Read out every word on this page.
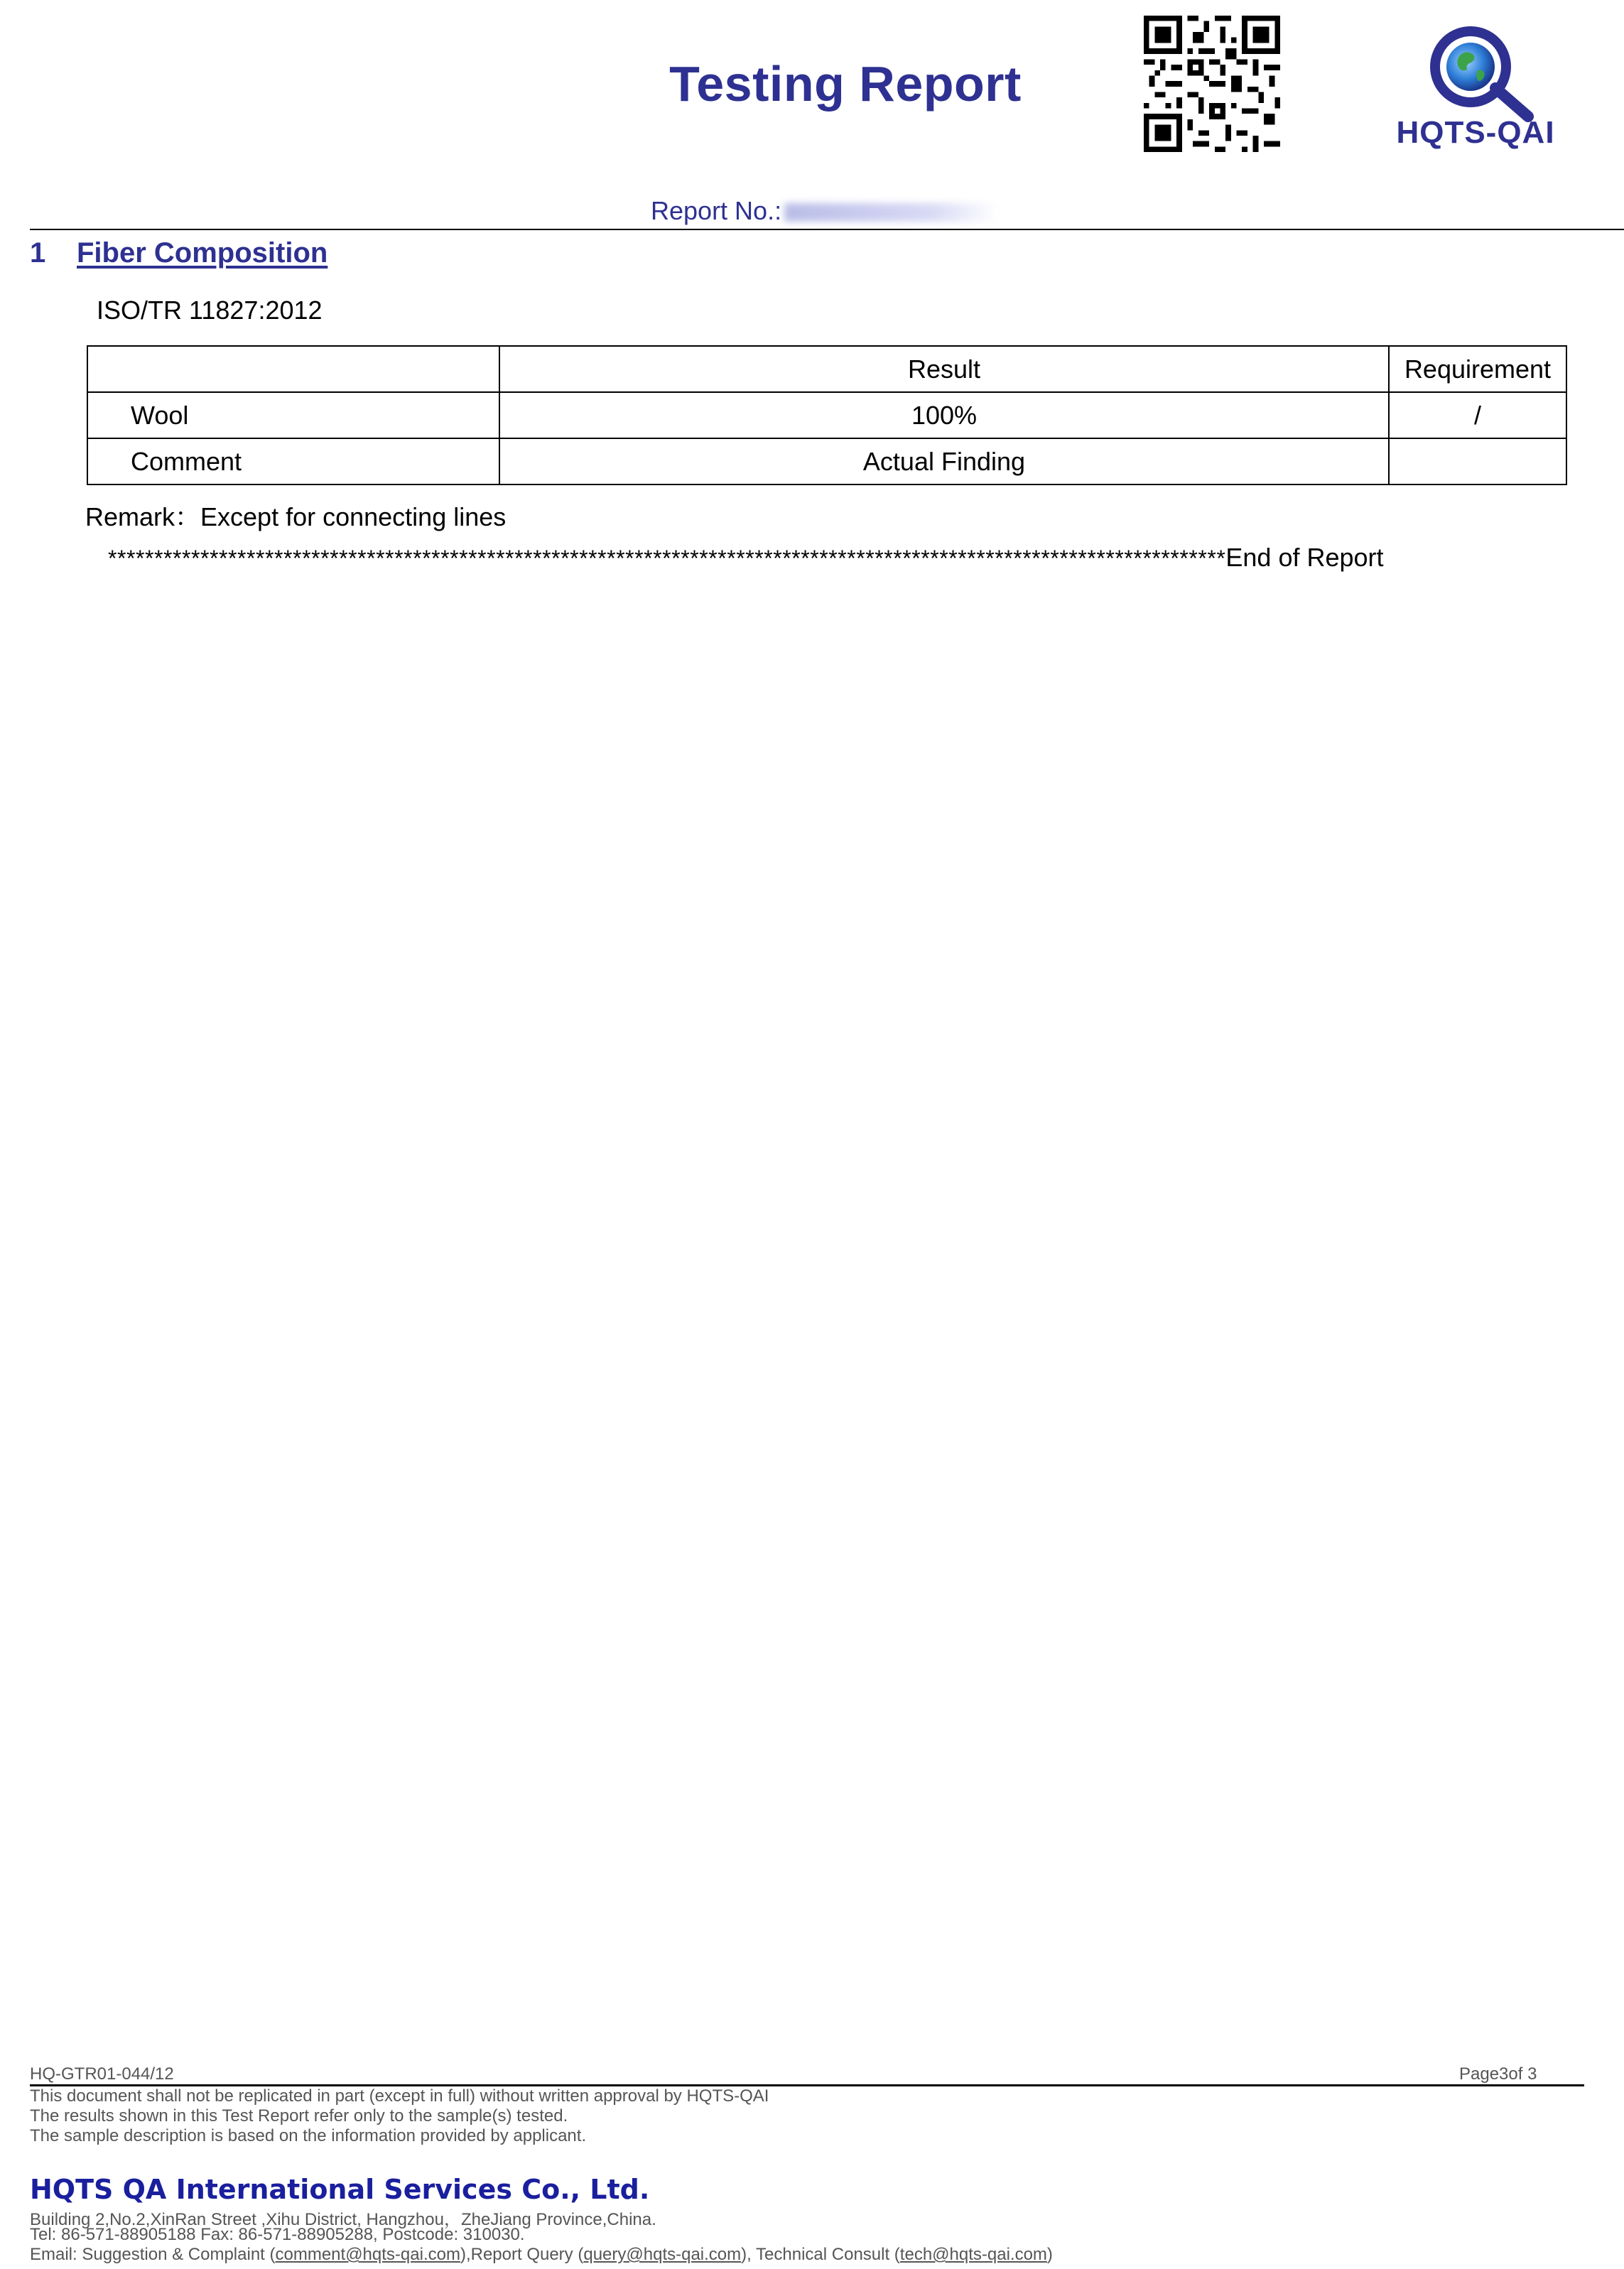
Testing Report
HQTS-QAI
Report No.:
1 Fiber Composition
ISO/TR 11827:2012
	Result	Requirement
Wool	100%	/
Comment	Actual Finding	
Remark：Except for connecting lines
*************************************************************************************************************************End of Report
HQ-GTR01-044/12	Page3of 3
This document shall not be replicated in part (except in full) without written approval by HQTS-QAI
The results shown in this Test Report refer only to the sample(s) tested.
The sample description is based on the information provided by applicant.
HQTS QA International Services Co., Ltd.
Building 2,No.2,XinRan Street ,Xihu District, Hangzhou，ZheJiang Province,China.
Tel: 86-571-88905188 Fax: 86-571-88905288, Postcode: 310030.
Email: Suggestion & Complaint (comment@hqts-qai.com),Report Query (query@hqts-qai.com), Technical Consult (tech@hqts-qai.com)
